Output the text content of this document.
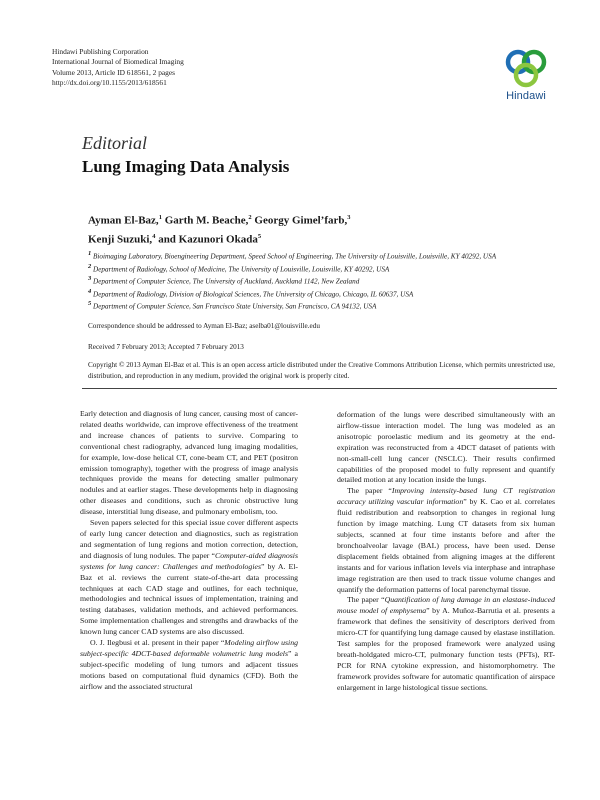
Hindawi Publishing Corporation
International Journal of Biomedical Imaging
Volume 2013, Article ID 618561, 2 pages
http://dx.doi.org/10.1155/2013/618561
Hindawi
Editorial
Lung Imaging Data Analysis
Ayman El-Baz,$^1$ Garth M. Beache,$^2$ Georgy Gimel’farb,$^3$
Kenji Suzuki,$^4$ and Kazunori Okada$^5$
$^1$ Bioimaging Laboratory, Bioengineering Department, Speed School of Engineering, The University of Louisville, Louisville, KY 40292, USA
$^2$ Department of Radiology, School of Medicine, The University of Louisville, Louisville, KY 40292, USA
$^3$ Department of Computer Science, The University of Auckland, Auckland 1142, New Zealand
$^4$ Department of Radiology, Division of Biological Sciences, The University of Chicago, Chicago, IL 60637, USA
$^5$ Department of Computer Science, San Francisco State University, San Francisco, CA 94132, USA
Correspondence should be addressed to Ayman El-Baz; aselba01@louisville.edu
Received 7 February 2013; Accepted 7 February 2013
Copyright © 2013 Ayman El-Baz et al. This is an open access article distributed under the Creative Commons Attribution License, which permits unrestricted use, distribution, and reproduction in any medium, provided the original work is properly cited.

Early detection and diagnosis of lung cancer, causing most of cancer-related deaths worldwide, can improve effectiveness of the treatment and increase chances of patients to survive. Comparing to conventional chest radiography, advanced lung imaging modalities, for example, low-dose helical CT, cone-beam CT, and PET (positron emission tomography), together with the progress of image analysis techniques provide the means for detecting smaller pulmonary nodules and at earlier stages. These developments help in diagnosing other diseases and conditions, such as chronic obstructive lung disease, interstitial lung disease, and pulmonary embolism, too.

Seven papers selected for this special issue cover different aspects of early lung cancer detection and diagnostics, such as registration and segmentation of lung regions and motion correction, detection, and diagnosis of lung nodules. The paper “Computer-aided diagnosis systems for lung cancer: Challenges and methodologies” by A. El-Baz et al. reviews the current state-of-the-art data processing techniques at each CAD stage and outlines, for each technique, methodologies and technical issues of implementation, training and testing databases, validation methods, and achieved performances. Some implementation challenges and strengths and drawbacks of the known lung cancer CAD systems are also discussed.

O. J. Ilegbusi et al. present in their paper “Modeling airflow using subject-specific 4DCT-based deformable volumetric lung models” a subject-specific modeling of lung tumors and adjacent tissues motions based on computational fluid dynamics (CFD). Both the airflow and the associated structural

deformation of the lungs were described simultaneously with an airflow-tissue interaction model. The lung was modeled as an anisotropic poroelastic medium and its geometry at the end-expiration was reconstructed from a 4DCT dataset of patients with non-small-cell lung cancer (NSCLC). Their results confirmed capabilities of the proposed model to fully represent and quantify detailed motion at any location inside the lungs.

The paper “Improving intensity-based lung CT registration accuracy utilizing vascular information” by K. Cao et al. correlates fluid redistribution and reabsorption to changes in regional lung function by image matching. Lung CT datasets from six human subjects, scanned at four time instants before and after the bronchoalveolar lavage (BAL) process, have been used. Dense displacement fields obtained from aligning images at the different instants and for various inflation levels via interphase and intraphase image registration are then used to track tissue volume changes and quantify the deformation patterns of local parenchymal tissue.

The paper “Quantification of lung damage in an elastase-induced mouse model of emphysema” by A. Muñoz-Barrutia et al. presents a framework that defines the sensitivity of descriptors derived from micro-CT for quantifying lung damage caused by elastase instillation. Test samples for the proposed framework were analyzed using breath-holdgated micro-CT, pulmonary function tests (PFTs), RT-PCR for RNA cytokine expression, and histomorphometry. The framework provides software for automatic quantification of airspace enlargement in large histological tissue sections.
